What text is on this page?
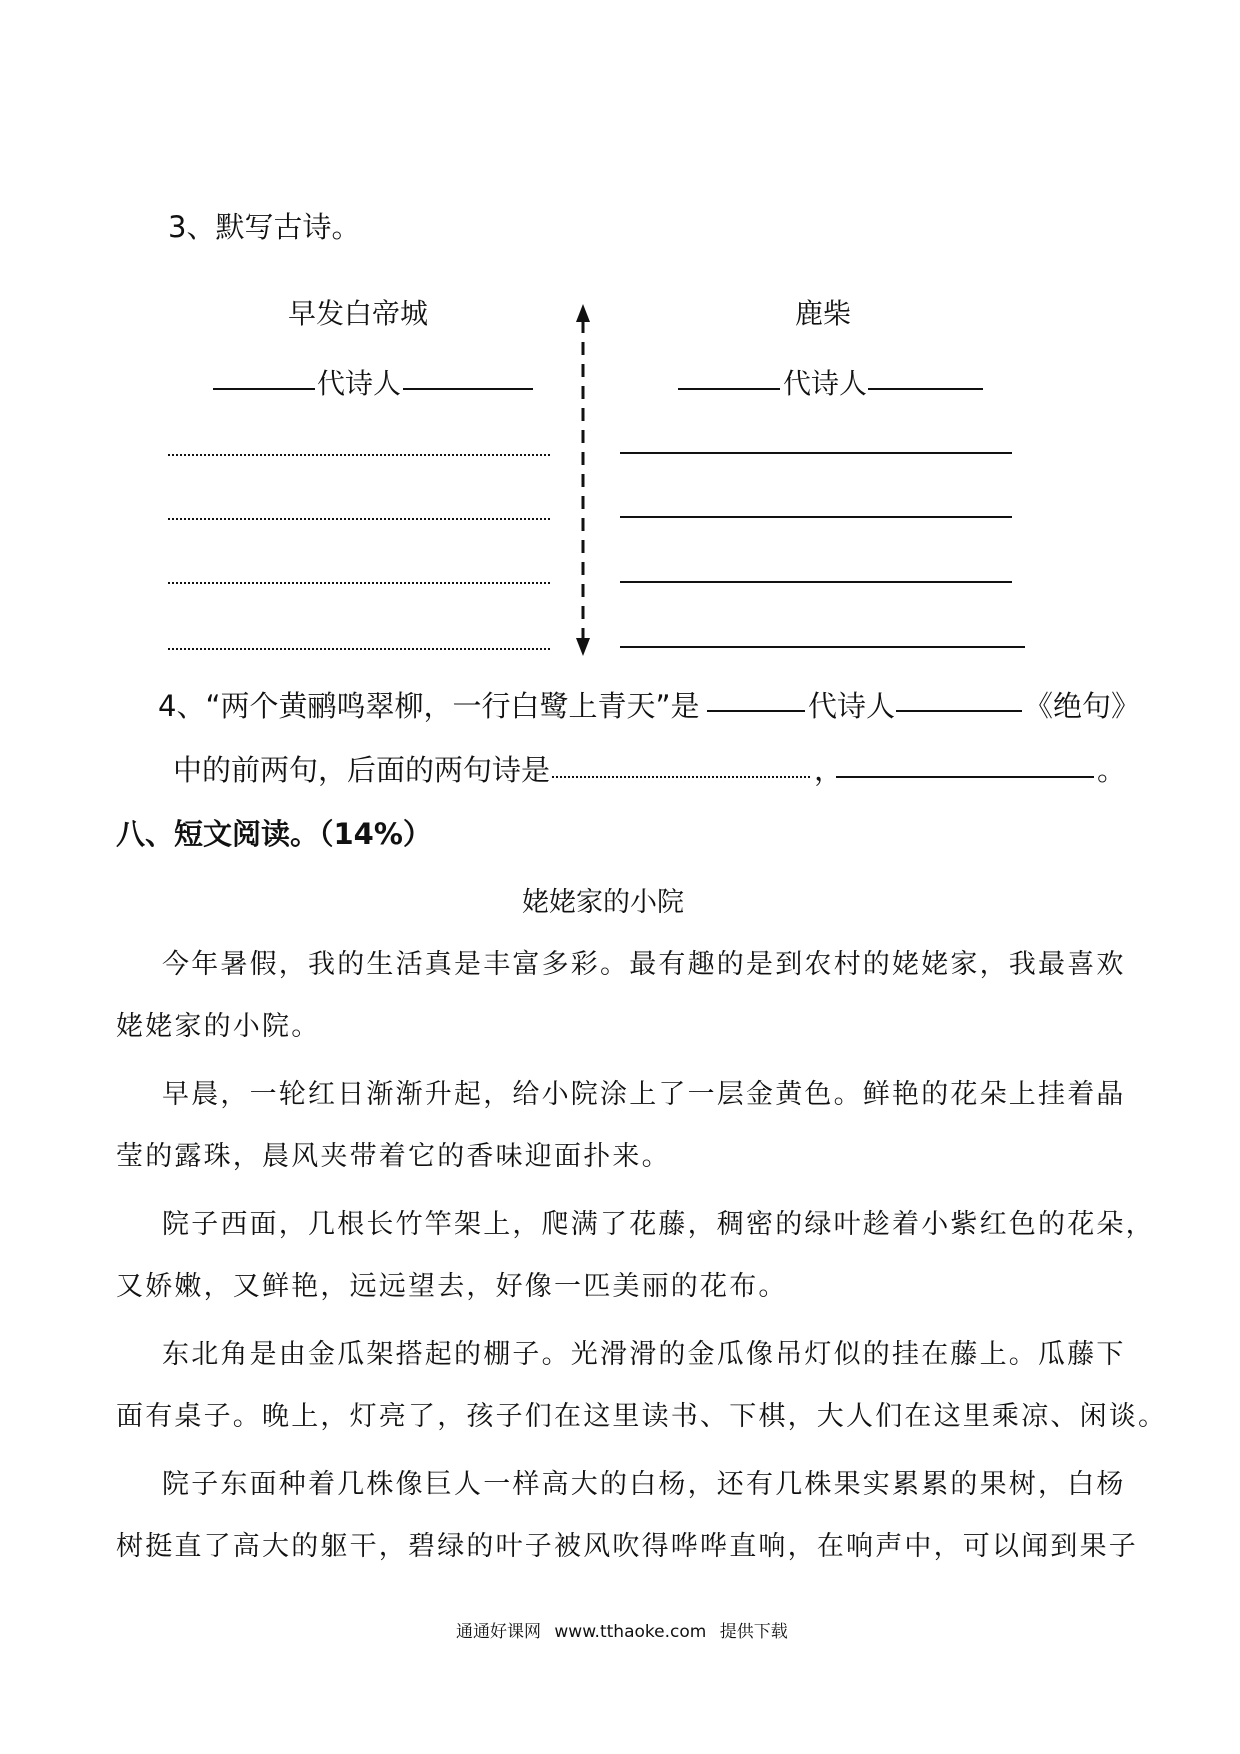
3、默写古诗。
早发白帝城
代诗人
鹿柴
代诗人
4、“两个黄鹂鸣翠柳，一行白鹭上青天”是	代诗人	《绝句》
中的前两句，后面的两句诗是	，	。
八、短文阅读。（14%）
姥姥家的小院
今年暑假，我的生活真是丰富多彩。最有趣的是到农村的姥姥家，我最喜欢
姥姥家的小院。
早晨，一轮红日渐渐升起，给小院涂上了一层金黄色。鲜艳的花朵上挂着晶
莹的露珠，晨风夹带着它的香味迎面扑来。
院子西面，几根长竹竿架上，爬满了花藤，稠密的绿叶趁着小紫红色的花朵，
又娇嫩，又鲜艳，远远望去，好像一匹美丽的花布。
东北角是由金瓜架搭起的棚子。光滑滑的金瓜像吊灯似的挂在藤上。瓜藤下
面有桌子。晚上，灯亮了，孩子们在这里读书、下棋，大人们在这里乘凉、闲谈。
院子东面种着几株像巨人一样高大的白杨，还有几株果实累累的果树，白杨
树挺直了高大的躯干，碧绿的叶子被风吹得哗哗直响，在响声中，可以闻到果子
通通好课网 www.tthaoke.com 提供下载
